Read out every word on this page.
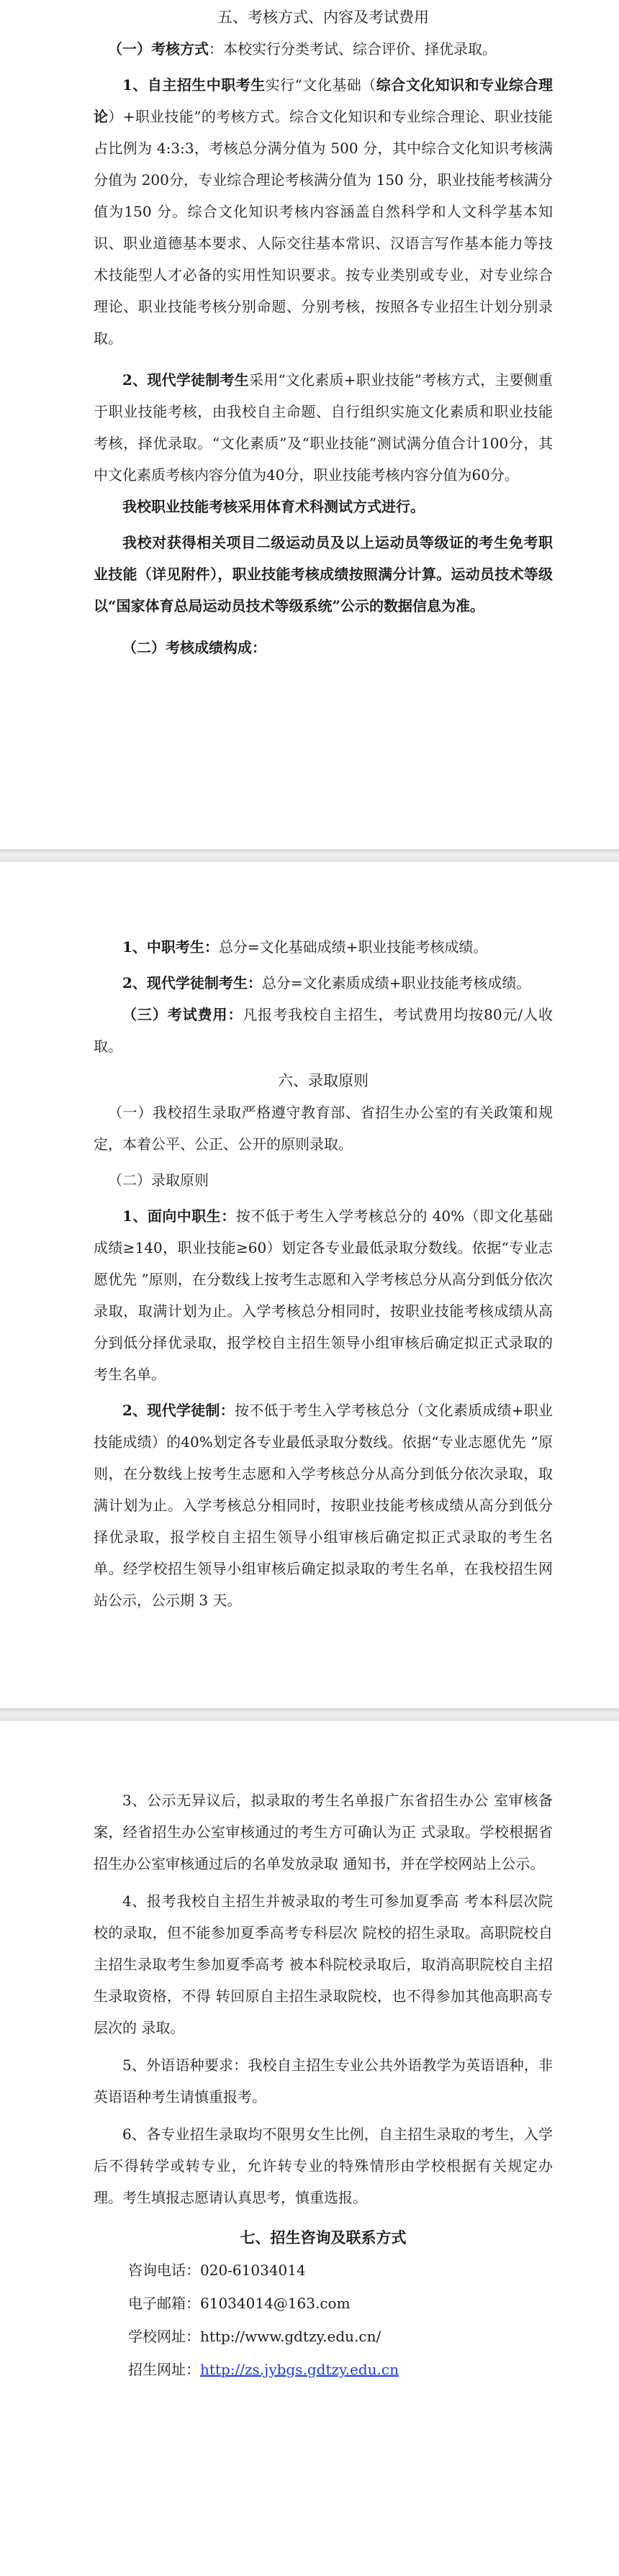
五、考核方式、内容及考试费用

（一）考核方式：本校实行分类考试、综合评价、择优录取。

1、自主招生中职考生实行“文化基础（综合文化知识和专业综合理论）+职业技能”的考核方式。综合文化知识和专业综合理论、职业技能占比例为 4:3:3，考核总分满分值为 500 分，其中综合文化知识考核满分值为 200分，专业综合理论考核满分值为 150 分，职业技能考核满分值为150 分。综合文化知识考核内容涵盖自然科学和人文科学基本知识、职业道德基本要求、人际交往基本常识、汉语言写作基本能力等技术技能型人才必备的实用性知识要求。按专业类别或专业，对专业综合理论、职业技能考核分别命题、分别考核，按照各专业招生计划分别录取。

2、现代学徒制考生采用“文化素质+职业技能”考核方式，主要侧重于职业技能考核，由我校自主命题、自行组织实施文化素质和职业技能考核，择优录取。“文化素质”及“职业技能”测试满分值合计100分，其中文化素质考核内容分值为40分，职业技能考核内容分值为60分。

我校职业技能考核采用体育术科测试方式进行。

我校对获得相关项目二级运动员及以上运动员等级证的考生免考职业技能（详见附件），职业技能考核成绩按照满分计算。运动员技术等级以“国家体育总局运动员技术等级系统”公示的数据信息为准。

（二）考核成绩构成：

1、中职考生：总分=文化基础成绩+职业技能考核成绩。

2、现代学徒制考生：总分=文化素质成绩+职业技能考核成绩。

（三）考试费用：凡报考我校自主招生，考试费用均按80元/人收取。

六、录取原则

（一）我校招生录取严格遵守教育部、省招生办公室的有关政策和规定，本着公平、公正、公开的原则录取。

（二）录取原则

1、面向中职生：按不低于考生入学考核总分的 40%（即文化基础成绩≥140，职业技能≥60）划定各专业最低录取分数线。依据“专业志愿优先 ”原则，在分数线上按考生志愿和入学考核总分从高分到低分依次录取，取满计划为止。入学考核总分相同时，按职业技能考核成绩从高分到低分择优录取，报学校自主招生领导小组审核后确定拟正式录取的考生名单。

2、现代学徒制：按不低于考生入学考核总分（文化素质成绩+职业技能成绩）的40%划定各专业最低录取分数线。依据“专业志愿优先 ”原则，在分数线上按考生志愿和入学考核总分从高分到低分依次录取，取满计划为止。入学考核总分相同时，按职业技能考核成绩从高分到低分择优录取，报学校自主招生领导小组审核后确定拟正式录取的考生名单。经学校招生领导小组审核后确定拟录取的考生名单，在我校招生网站公示，公示期 3 天。

3、公示无异议后，拟录取的考生名单报广东省招生办公 室审核备案，经省招生办公室审核通过的考生方可确认为正 式录取。学校根据省招生办公室审核通过后的名单发放录取 通知书，并在学校网站上公示。

4、报考我校自主招生并被录取的考生可参加夏季高 考本科层次院校的录取，但不能参加夏季高考专科层次 院校的招生录取。高职院校自主招生录取考生参加夏季高考 被本科院校录取后，取消高职院校自主招生录取资格，不得 转回原自主招生录取院校，也不得参加其他高职高专层次的 录取。

5、外语语种要求：我校自主招生专业公共外语教学为英语语种，非英语语种考生请慎重报考。

6、各专业招生录取均不限男女生比例，自主招生录取的考生，入学后不得转学或转专业，允许转专业的特殊情形由学校根据有关规定办理。考生填报志愿请认真思考，慎重选报。

七、招生咨询及联系方式

咨询电话：020-61034014

电子邮箱：61034014@163.com

学校网址：http://www.gdtzy.edu.cn/

招生网址：http://zs.jybgs.gdtzy.edu.cn
